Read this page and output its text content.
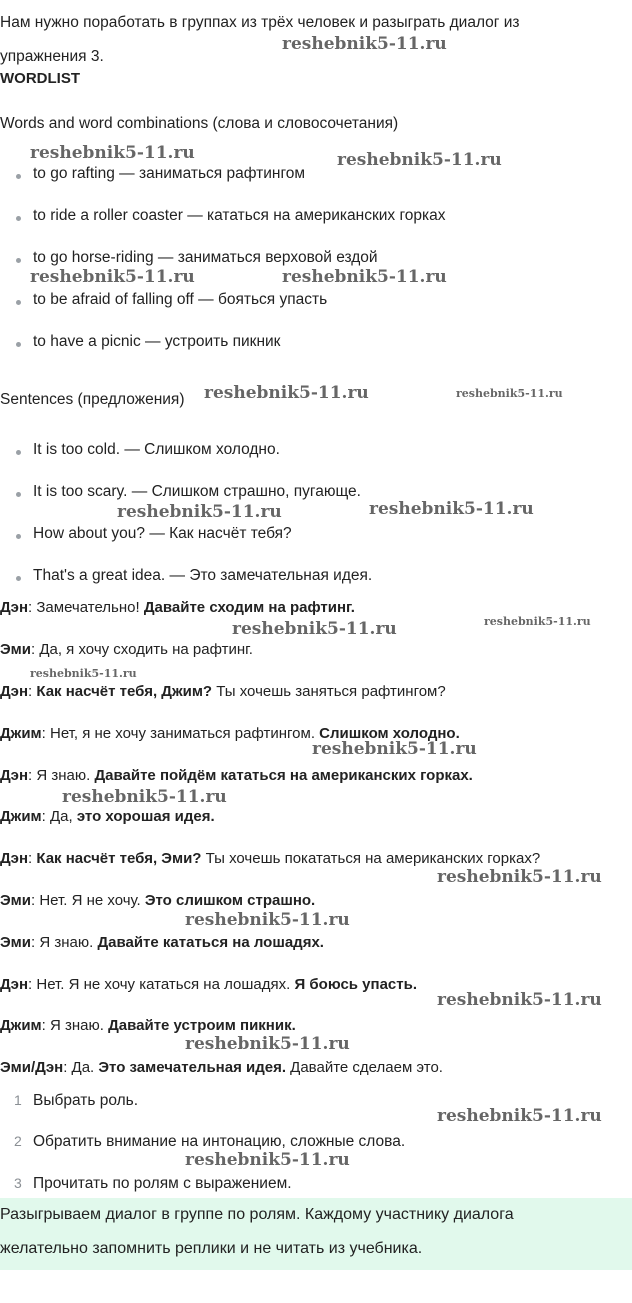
Нам нужно поработать в группах из трёх человек и разыграть диалог из
упражнения 3.
WORDLIST
Words and word combinations (слова и словосочетания)
to go rafting — заниматься рафтингом
to ride a roller coaster — кататься на американских горках
to go horse-riding — заниматься верховой ездой
to be afraid of falling off — бояться упасть
to have a picnic — устроить пикник
Sentences (предложения)
It is too cold. — Слишком холодно.
It is too scary. — Слишком страшно, пугающе.
How about you? — Как насчёт тебя?
That's a great idea. — Это замечательная идея.
Дэн: Замечательно! Давайте сходим на рафтинг.
Эми: Да, я хочу сходить на рафтинг.
Дэн: Как насчёт тебя, Джим? Ты хочешь заняться рафтингом?
Джим: Нет, я не хочу заниматься рафтингом. Слишком холодно.
Дэн: Я знаю. Давайте пойдём кататься на американских горках.
Джим: Да, это хорошая идея.
Дэн: Как насчёт тебя, Эми? Ты хочешь покататься на американских горках?
Эми: Нет. Я не хочу. Это слишком страшно.
Эми: Я знаю. Давайте кататься на лошадях.
Дэн: Нет. Я не хочу кататься на лошадях. Я боюсь упасть.
Джим: Я знаю. Давайте устроим пикник.
Эми/Дэн: Да. Это замечательная идея. Давайте сделаем это.
1 Выбрать роль.
2 Обратить внимание на интонацию, сложные слова.
3 Прочитать по ролям с выражением.
Разыгрываем диалог в группе по ролям. Каждому участнику диалога
желательно запомнить реплики и не читать из учебника.
reshebnik5-11.ru
reshebnik5-11.ru	reshebnik5-11.ru
reshebnik5-11.ru	reshebnik5-11.ru
reshebnik5-11.ru	reshebnik5-11.ru
reshebnik5-11.ru	reshebnik5-11.ru
reshebnik5-11.ru	reshebnik5-11.ru
reshebnik5-11.ru
reshebnik5-11.ru
reshebnik5-11.ru
reshebnik5-11.ru
reshebnik5-11.ru
reshebnik5-11.ru
reshebnik5-11.ru
reshebnik5-11.ru
reshebnik5-11.ru
